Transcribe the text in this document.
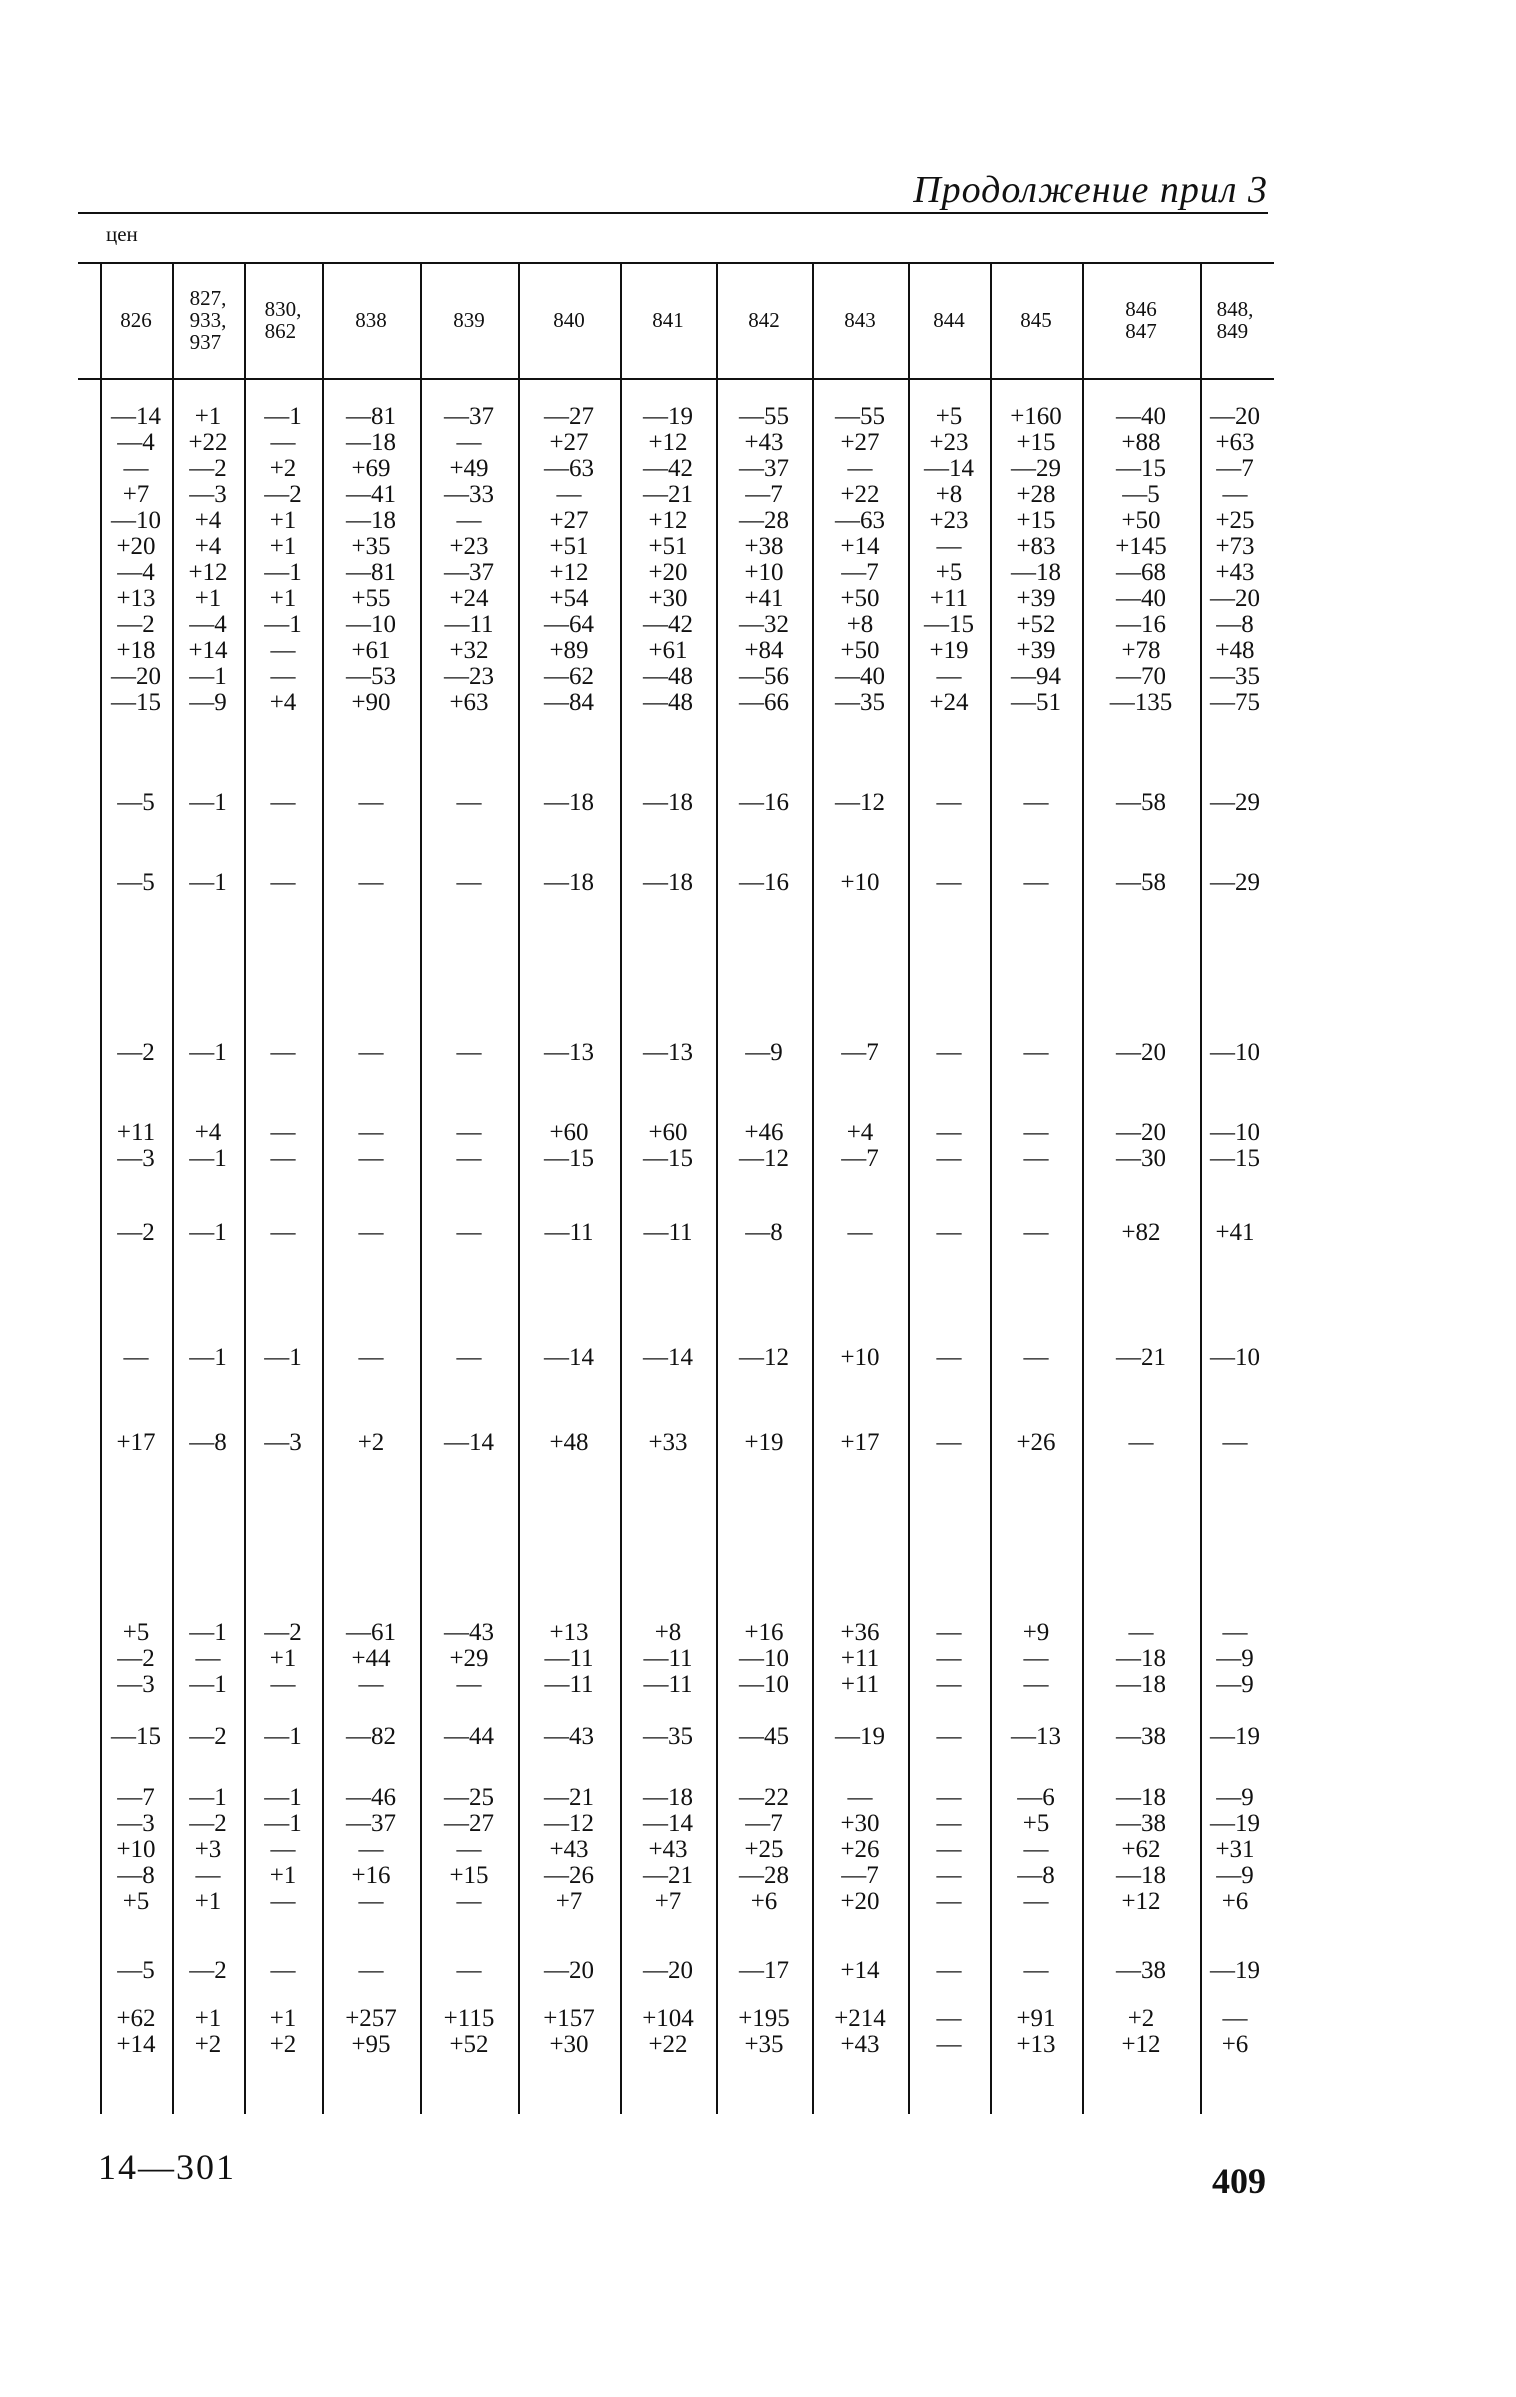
Продолжение прил 3
цен
826
—14
—4
—
+7
—10
+20
—4
+13
—2
+18
—20
—15
—5
—5
—2
+11
—3
—2
—
+17
+5
—2
—3
—15
—7
—3
+10
—8
+5
—5
+62
+14
827,
933,
937
+1
+22
—2
—3
+4
+4
+12
+1
—4
+14
—1
—9
—1
—1
—1
+4
—1
—1
—1
—8
—1
—
—1
—2
—1
—2
+3
—
+1
—2
+1
+2
830,
862
—1
—
+2
—2
+1
+1
—1
+1
—1
—
—
+4
—
—
—
—
—
—
—1
—3
—2
+1
—
—1
—1
—1
—
+1
—
—
+1
+2
838
—81
—18
+69
—41
—18
+35
—81
+55
—10
+61
—53
+90
—
—
—
—
—
—
—
+2
—61
+44
—
—82
—46
—37
—
+16
—
—
+257
+95
839
—37
—
+49
—33
—
+23
—37
+24
—11
+32
—23
+63
—
—
—
—
—
—
—
—14
—43
+29
—
—44
—25
—27
—
+15
—
—
+115
+52
840
—27
+27
—63
—
+27
+51
+12
+54
—64
+89
—62
—84
—18
—18
—13
+60
—15
—11
—14
+48
+13
—11
—11
—43
—21
—12
+43
—26
+7
—20
+157
+30
841
—19
+12
—42
—21
+12
+51
+20
+30
—42
+61
—48
—48
—18
—18
—13
+60
—15
—11
—14
+33
+8
—11
—11
—35
—18
—14
+43
—21
+7
—20
+104
+22
842
—55
+43
—37
—7
—28
+38
+10
+41
—32
+84
—56
—66
—16
—16
—9
+46
—12
—8
—12
+19
+16
—10
—10
—45
—22
—7
+25
—28
+6
—17
+195
+35
843
—55
+27
—
+22
—63
+14
—7
+50
+8
+50
—40
—35
—12
+10
—7
+4
—7
—
+10
+17
+36
+11
+11
—19
—
+30
+26
—7
+20
+14
+214
+43
844
+5
+23
—14
+8
+23
—
+5
+11
—15
+19
—
+24
—
—
—
—
—
—
—
—
—
—
—
—
—
—
—
—
—
—
—
—
845
+160
+15
—29
+28
+15
+83
—18
+39
+52
+39
—94
—51
—
—
—
—
—
—
—
+26
+9
—
—
—13
—6
+5
—
—8
—
—
+91
+13
846
847
—40
+88
—15
—5
+50
+145
—68
—40
—16
+78
—70
—135
—58
—58
—20
—20
—30
+82
—21
—
—
—18
—18
—38
—18
—38
+62
—18
+12
—38
+2
+12
848,
849
—20
+63
—7
—
+25
+73
+43
—20
—8
+48
—35
—75
—29
—29
—10
—10
—15
+41
—10
—
—
—9
—9
—19
—9
—19
+31
—9
+6
—19
—
+6
14—301	409
